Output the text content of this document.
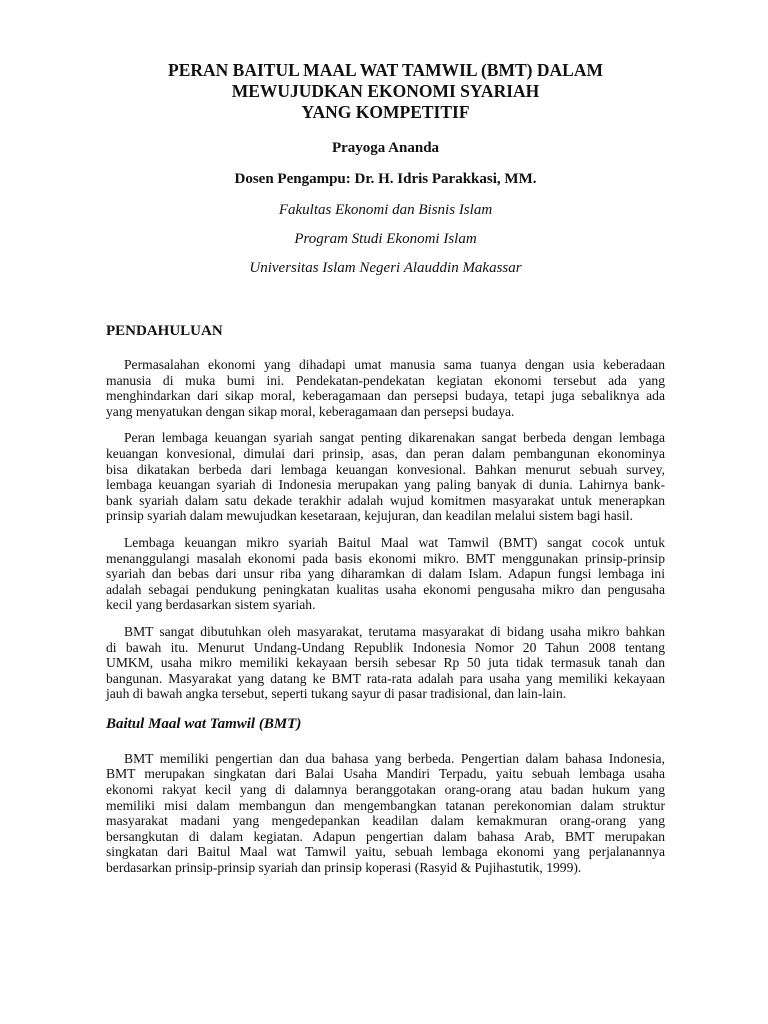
PERAN BAITUL MAAL WAT TAMWIL (BMT) DALAM
MEWUJUDKAN EKONOMI SYARIAH
YANG KOMPETITIF

Prayoga Ananda

Dosen Pengampu: Dr. H. Idris Parakkasi, MM.

Fakultas Ekonomi dan Bisnis Islam

Program Studi Ekonomi Islam

Universitas Islam Negeri Alauddin Makassar

PENDAHULUAN

Permasalahan ekonomi yang dihadapi umat manusia sama tuanya dengan usia keberadaan
manusia di muka bumi ini. Pendekatan-pendekatan kegiatan ekonomi tersebut ada yang
menghindarkan dari sikap moral, keberagamaan dan persepsi budaya, tetapi juga sebaliknya ada
yang menyatukan dengan sikap moral, keberagamaan dan persepsi budaya.

Peran lembaga keuangan syariah sangat penting dikarenakan sangat berbeda dengan lembaga
keuangan konvesional, dimulai dari prinsip, asas, dan peran dalam pembangunan ekonominya
bisa dikatakan berbeda dari lembaga keuangan konvesional. Bahkan menurut sebuah survey,
lembaga keuangan syariah di Indonesia merupakan yang paling banyak di dunia. Lahirnya bank-
bank syariah dalam satu dekade terakhir adalah wujud komitmen masyarakat untuk menerapkan
prinsip syariah dalam mewujudkan kesetaraan, kejujuran, dan keadilan melalui sistem bagi hasil.

Lembaga keuangan mikro syariah Baitul Maal wat Tamwil (BMT) sangat cocok untuk
menanggulangi masalah ekonomi pada basis ekonomi mikro. BMT menggunakan prinsip-prinsip
syariah dan bebas dari unsur riba yang diharamkan di dalam Islam. Adapun fungsi lembaga ini
adalah sebagai pendukung peningkatan kualitas usaha ekonomi pengusaha mikro dan pengusaha
kecil yang berdasarkan sistem syariah.

BMT sangat dibutuhkan oleh masyarakat, terutama masyarakat di bidang usaha mikro bahkan
di bawah itu. Menurut Undang-Undang Republik Indonesia Nomor 20 Tahun 2008 tentang
UMKM, usaha mikro memiliki kekayaan bersih sebesar Rp 50 juta tidak termasuk tanah dan
bangunan. Masyarakat yang datang ke BMT rata-rata adalah para usaha yang memiliki kekayaan
jauh di bawah angka tersebut, seperti tukang sayur di pasar tradisional, dan lain-lain.

Baitul Maal wat Tamwil (BMT)

BMT memiliki pengertian dan dua bahasa yang berbeda. Pengertian dalam bahasa Indonesia,
BMT merupakan singkatan dari Balai Usaha Mandiri Terpadu, yaitu sebuah lembaga usaha
ekonomi rakyat kecil yang di dalamnya beranggotakan orang-orang atau badan hukum yang
memiliki misi dalam membangun dan mengembangkan tatanan perekonomian dalam struktur
masyarakat madani yang mengedepankan keadilan dalam kemakmuran orang-orang yang
bersangkutan di dalam kegiatan. Adapun pengertian dalam bahasa Arab, BMT merupakan
singkatan dari Baitul Maal wat Tamwil yaitu, sebuah lembaga ekonomi yang perjalanannya
berdasarkan prinsip-prinsip syariah dan prinsip koperasi (Rasyid & Pujihastutik, 1999).
